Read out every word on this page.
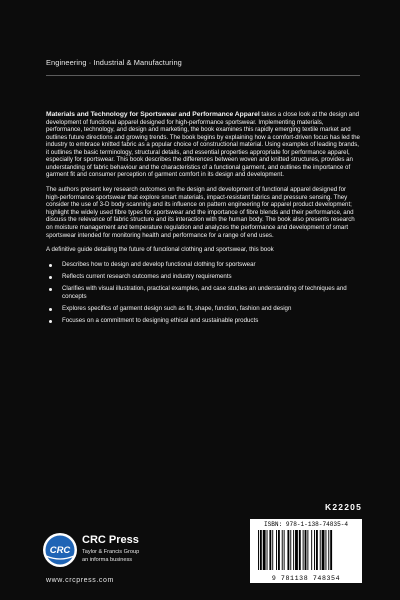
Engineering · Industrial & Manufacturing

Materials and Technology for Sportswear and Performance Apparel takes a close look at the design and development of functional apparel designed for high-performance sportswear. Implementing materials, performance, technology, and design and marketing, the book examines this rapidly emerging textile market and outlines future directions and growing trends. The book begins by explaining how a comfort-driven focus has led the industry to embrace knitted fabric as a popular choice of constructional material. Using examples of leading brands, it outlines the basic terminology, structural details, and essential properties appropriate for performance apparel, especially for sportswear. This book describes the differences between woven and knitted structures, provides an understanding of fabric behaviour and the characteristics of a functional garment, and outlines the importance of garment fit and consumer perception of garment comfort in its design and development.

The authors present key research outcomes on the design and development of functional apparel designed for high-performance sportswear that explore smart materials, impact-resistant fabrics and pressure sensing. They consider the use of 3-D body scanning and its influence on pattern engineering for apparel product development; highlight the widely used fibre types for sportswear and the importance of fibre blends and their performance, and discuss the relevance of fabric structure and its interaction with the human body. The book also presents research on moisture management and temperature regulation and analyzes the performance and development of smart sportswear intended for monitoring health and performance for a range of end uses.

A definitive guide detailing the future of functional clothing and sportswear, this book

Describes how to design and develop functional clothing for sportswear
Reflects current research outcomes and industry requirements
Clarifies with visual illustration, practical examples, and case studies an understanding of techniques and concepts
Explores specifics of garment design such as fit, shape, function, fashion and design
Focuses on a commitment to designing ethical and sustainable products
K22205
CRC
CRC Press
Taylor & Francis Group
an informa business
www.crcpress.com
ISBN: 978-1-138-74835-4
9 781138 748354
